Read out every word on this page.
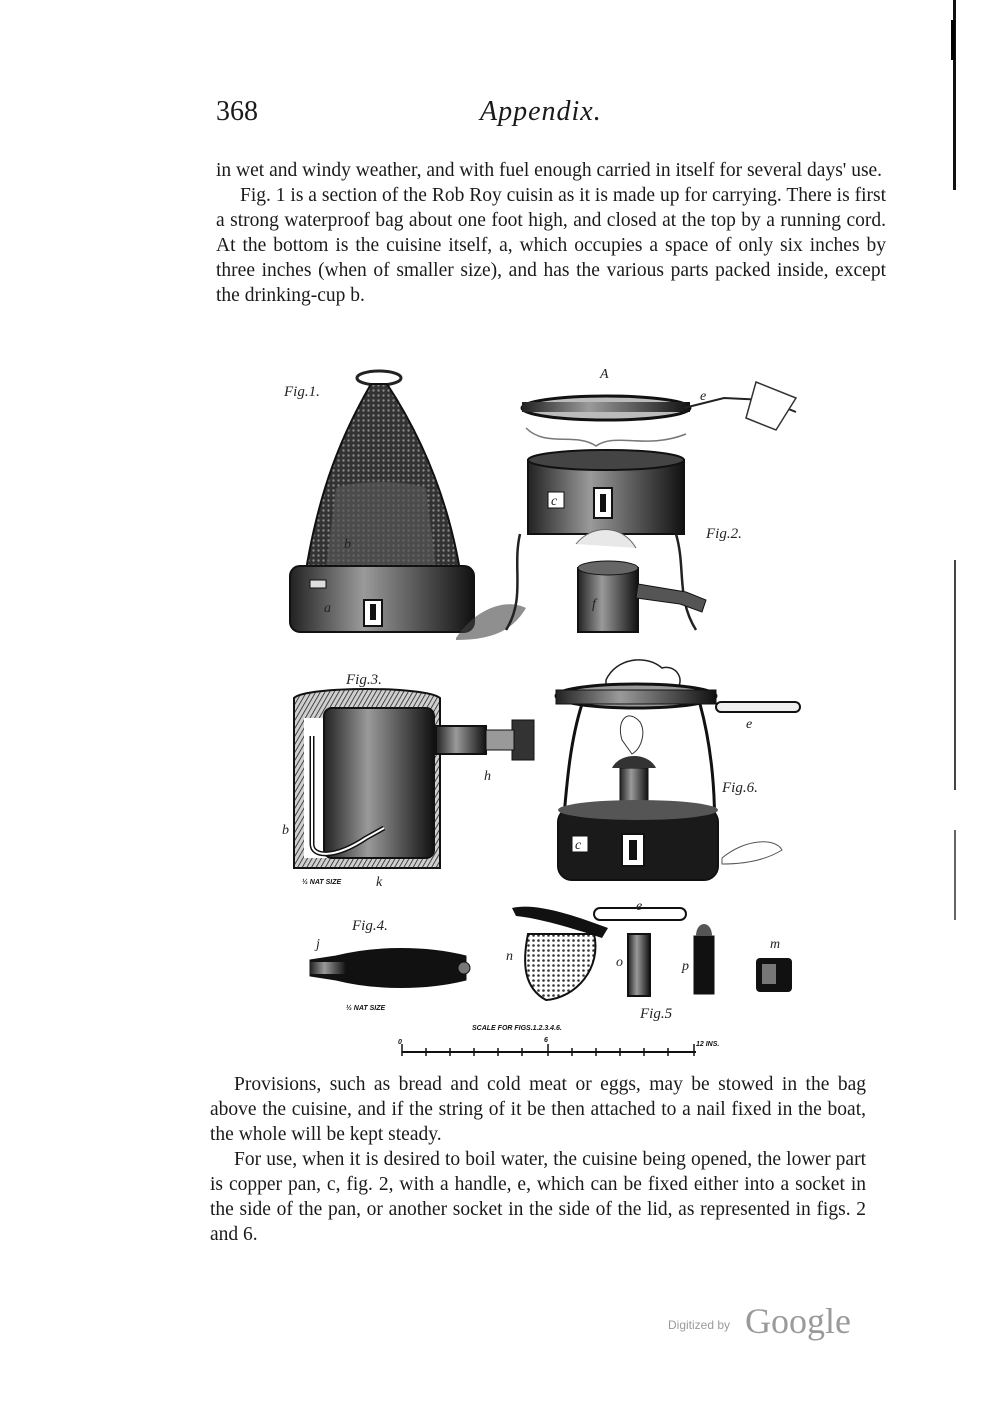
368	Appendix.

in wet and windy weather, and with fuel enough carried in itself for several days' use.

Fig. 1 is a section of the Rob Roy cuisin as it is made up for carrying. There is first a strong waterproof bag about one foot high, and closed at the top by a running cord. At the bottom is the cuisine itself, a, which occupies a space of only six inches by three inches (when of smaller size), and has the various parts packed inside, except the drinking-cup b.

Fig.1.
b
a
A
e
c
f
Fig.2.
Fig.3.
h
b
½ NAT SIZE k
e
c
Fig.6.
Fig.4.
j
½ NAT SIZE
n
e
o	p
m
Fig.5
SCALE FOR FIGS.1.2.3.4.6.
0	6
12 INS.

Provisions, such as bread and cold meat or eggs, may be stowed in the bag above the cuisine, and if the string of it be then attached to a nail fixed in the boat, the whole will be kept steady.

For use, when it is desired to boil water, the cuisine being opened, the lower part is copper pan, c, fig. 2, with a handle, e, which can be fixed either into a socket in the side of the pan, or another socket in the side of the lid, as represented in figs. 2 and 6.

Digitized by Google
